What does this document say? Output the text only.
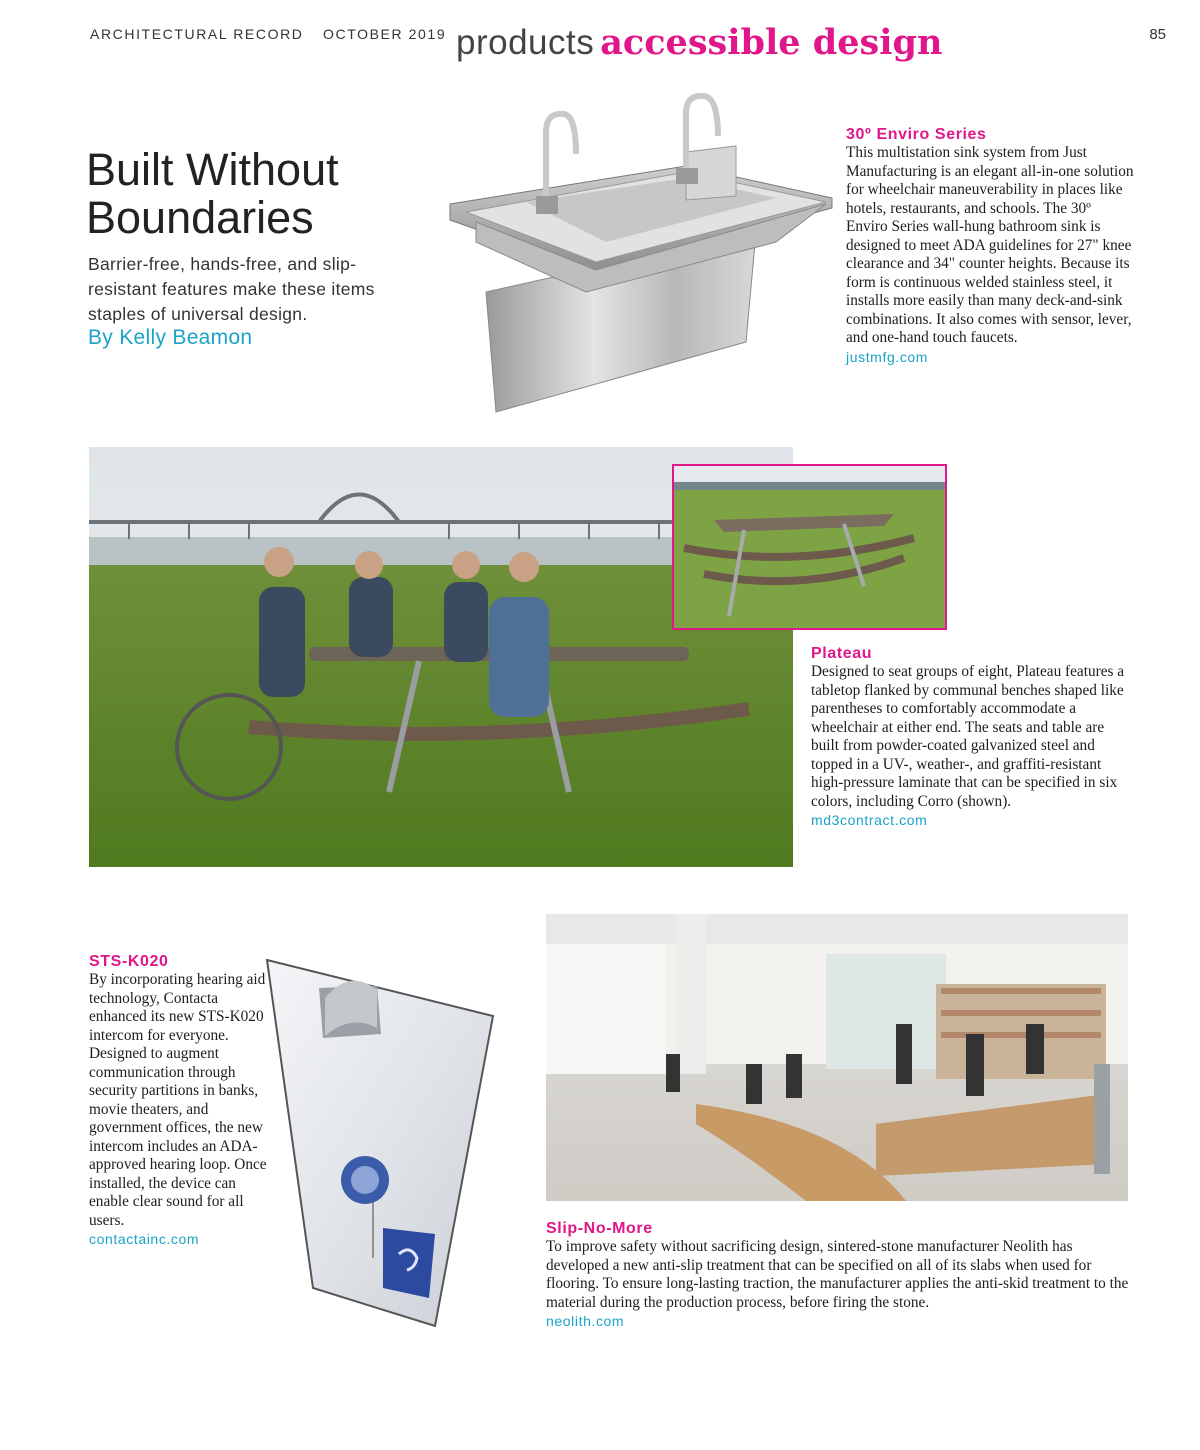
ARCHITECTURAL RECORD OCTOBER 2019 products accessible design	85
Built Without Boundaries
Barrier-free, hands-free, and slip-resistant features make these items staples of universal design.
By Kelly Beamon
30º Enviro Series
This multistation sink system from Just Manufacturing is an elegant all-in-one solution for wheelchair maneuverability in places like hotels, restaurants, and schools. The 30º Enviro Series wall-hung bathroom sink is designed to meet ADA guidelines for 27" knee clearance and 34" counter heights. Because its form is continuous welded stainless steel, it installs more easily than many deck-and-sink combinations. It also comes with sensor, lever, and one-hand touch faucets.
justmfg.com
Plateau
Designed to seat groups of eight, Plateau features a tabletop flanked by communal benches shaped like parentheses to comfortably accommodate a wheelchair at either end. The seats and table are built from powder-coated galvanized steel and topped in a UV-, weather-, and graffiti-resistant high-pressure laminate that can be specified in six colors, including Corro (shown).
md3contract.com
STS-K020
By incorporating hearing aid technology, Contacta enhanced its new STS-K020 intercom for everyone. Designed to augment communication through security partitions in banks, movie theaters, and government offices, the new intercom includes an ADA-approved hearing loop. Once installed, the device can enable clear sound for all users.
contactainc.com
Slip-No-More
To improve safety without sacrificing design, sintered-stone manufacturer Neolith has developed a new anti-slip treatment that can be specified on all of its slabs when used for flooring. To ensure long-lasting traction, the manufacturer applies the anti-skid treatment to the material during the production process, before firing the stone.
neolith.com
